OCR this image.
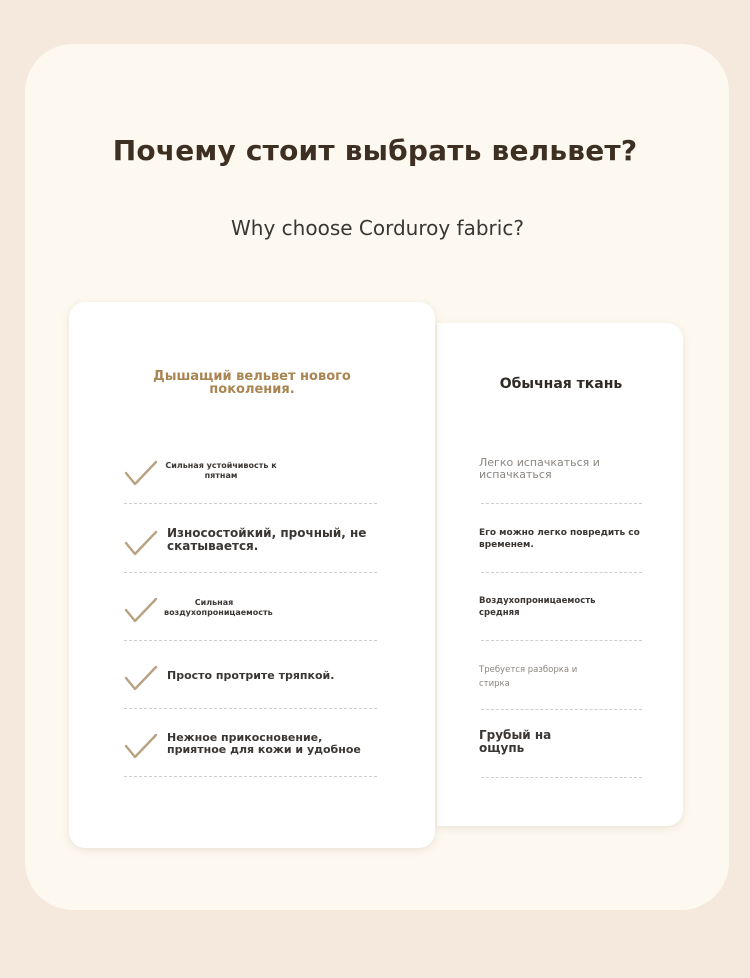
Почему стоит выбрать вельвет?
Why choose Corduroy fabric?
Дышащий вельвет нового поколения.
Сильная устойчивость к пятнам
Износостойкий, прочный, не скатывается.
Сильная воздухопроницаемость
Просто протрите тряпкой.
Нежное прикосновение, приятное для кожи и удобное
Обычная ткань
Легко испачкаться и испачкаться
Его можно легко повредить со временем.
Воздухопроницаемость средняя
Требуется разборка и стирка
Грубый на ощупь
